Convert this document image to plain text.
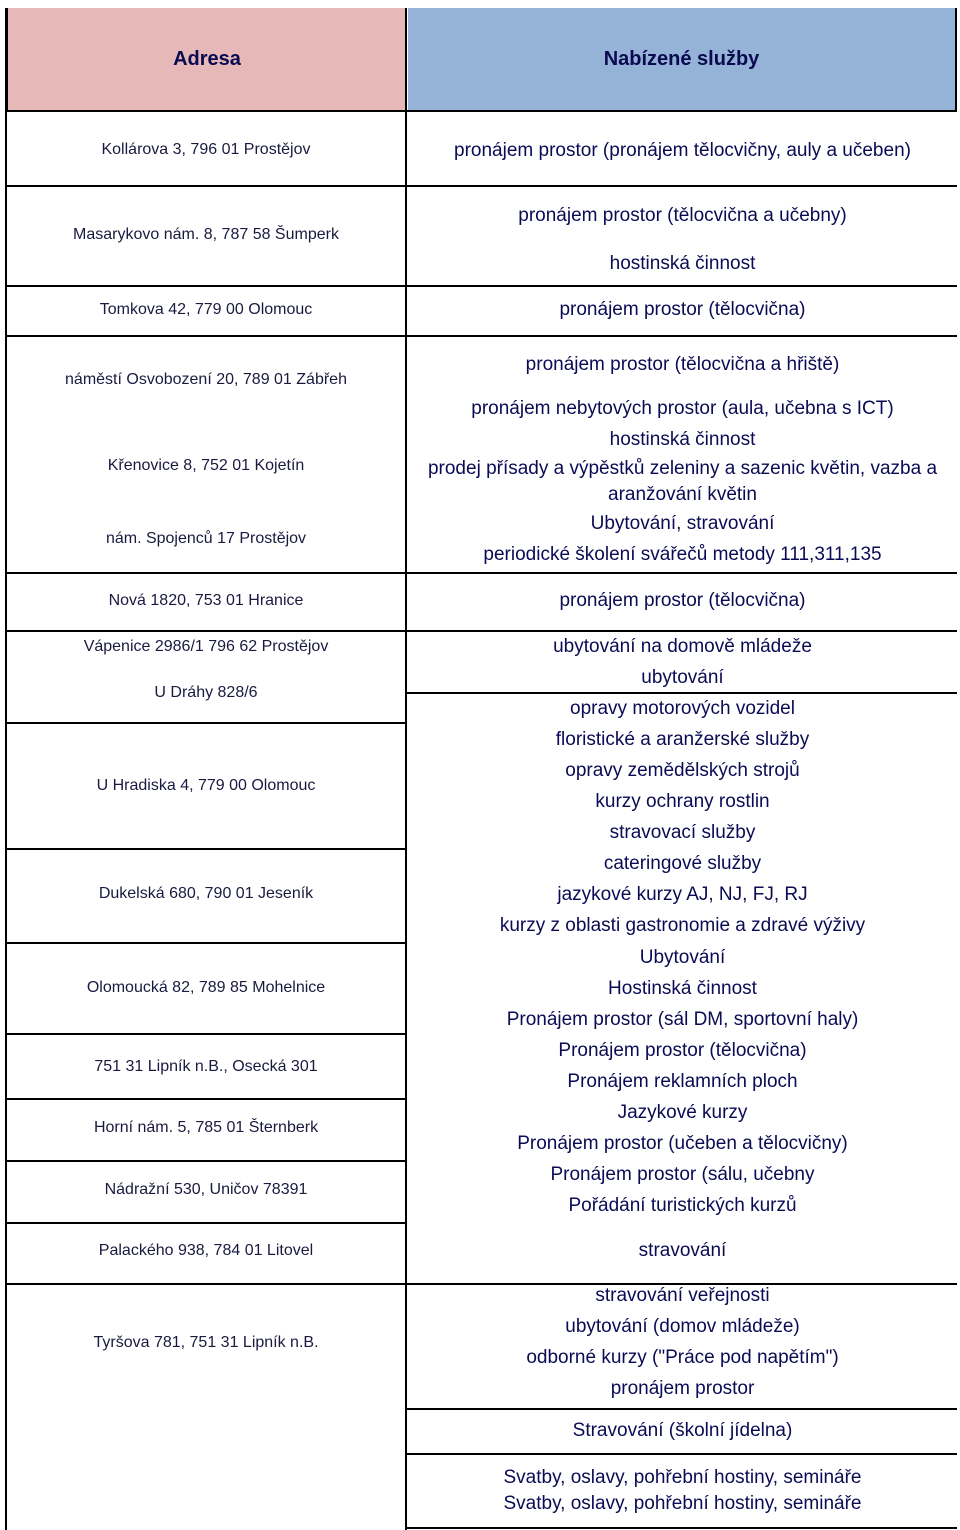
Adresa	Nabízené služby
Kollárova 3, 796 01 Prostějov
Masarykovo nám. 8, 787 58 Šumperk
Tomkova 42, 779 00 Olomouc
náměstí Osvobození 20, 789 01 Zábřeh
Křenovice 8, 752 01 Kojetín
nám. Spojenců 17 Prostějov
Nová 1820, 753 01 Hranice
Vápenice 2986/1 796 62 Prostějov
U Dráhy 828/6
U Hradiska 4, 779 00 Olomouc
Dukelská 680, 790 01 Jeseník
Olomoucká 82, 789 85 Mohelnice
751 31 Lipník n.B., Osecká 301
Horní nám. 5, 785 01 Šternberk
Nádražní 530, Uničov 78391
Palackého 938, 784 01 Litovel
Tyršova 781, 751 31 Lipník n.B.
pronájem prostor (pronájem tělocvičny, auly a učeben)
pronájem prostor (tělocvična a učebny)
hostinská činnost
pronájem prostor (tělocvična)
pronájem prostor (tělocvična a hřiště)
pronájem nebytových prostor (aula, učebna s ICT)
hostinská činnost
prodej přísady a výpěstků zeleniny a sazenic květin, vazba a aranžování květin
Ubytování, stravování
periodické školení svářečů metody 111,311,135
pronájem prostor (tělocvična)
ubytování na domově mládeže
ubytování
opravy motorových vozidel
floristické a aranžerské služby
opravy zemědělských strojů
kurzy ochrany rostlin
stravovací služby
cateringové služby
jazykové kurzy AJ, NJ, FJ, RJ
kurzy z oblasti gastronomie a zdravé výživy
Ubytování
Hostinská činnost
Pronájem prostor (sál DM, sportovní haly)
Pronájem prostor (tělocvična)
Pronájem reklamních ploch
Jazykové kurzy
Pronájem prostor (učeben a tělocvičny)
Pronájem prostor (sálu, učebny
Pořádání turistických kurzů
stravování
stravování veřejnosti
ubytování (domov mládeže)
odborné kurzy ("Práce pod napětím")
pronájem prostor
Stravování (školní jídelna)
Svatby, oslavy, pohřební hostiny, semináře Svatby, oslavy, pohřební hostiny, semináře
